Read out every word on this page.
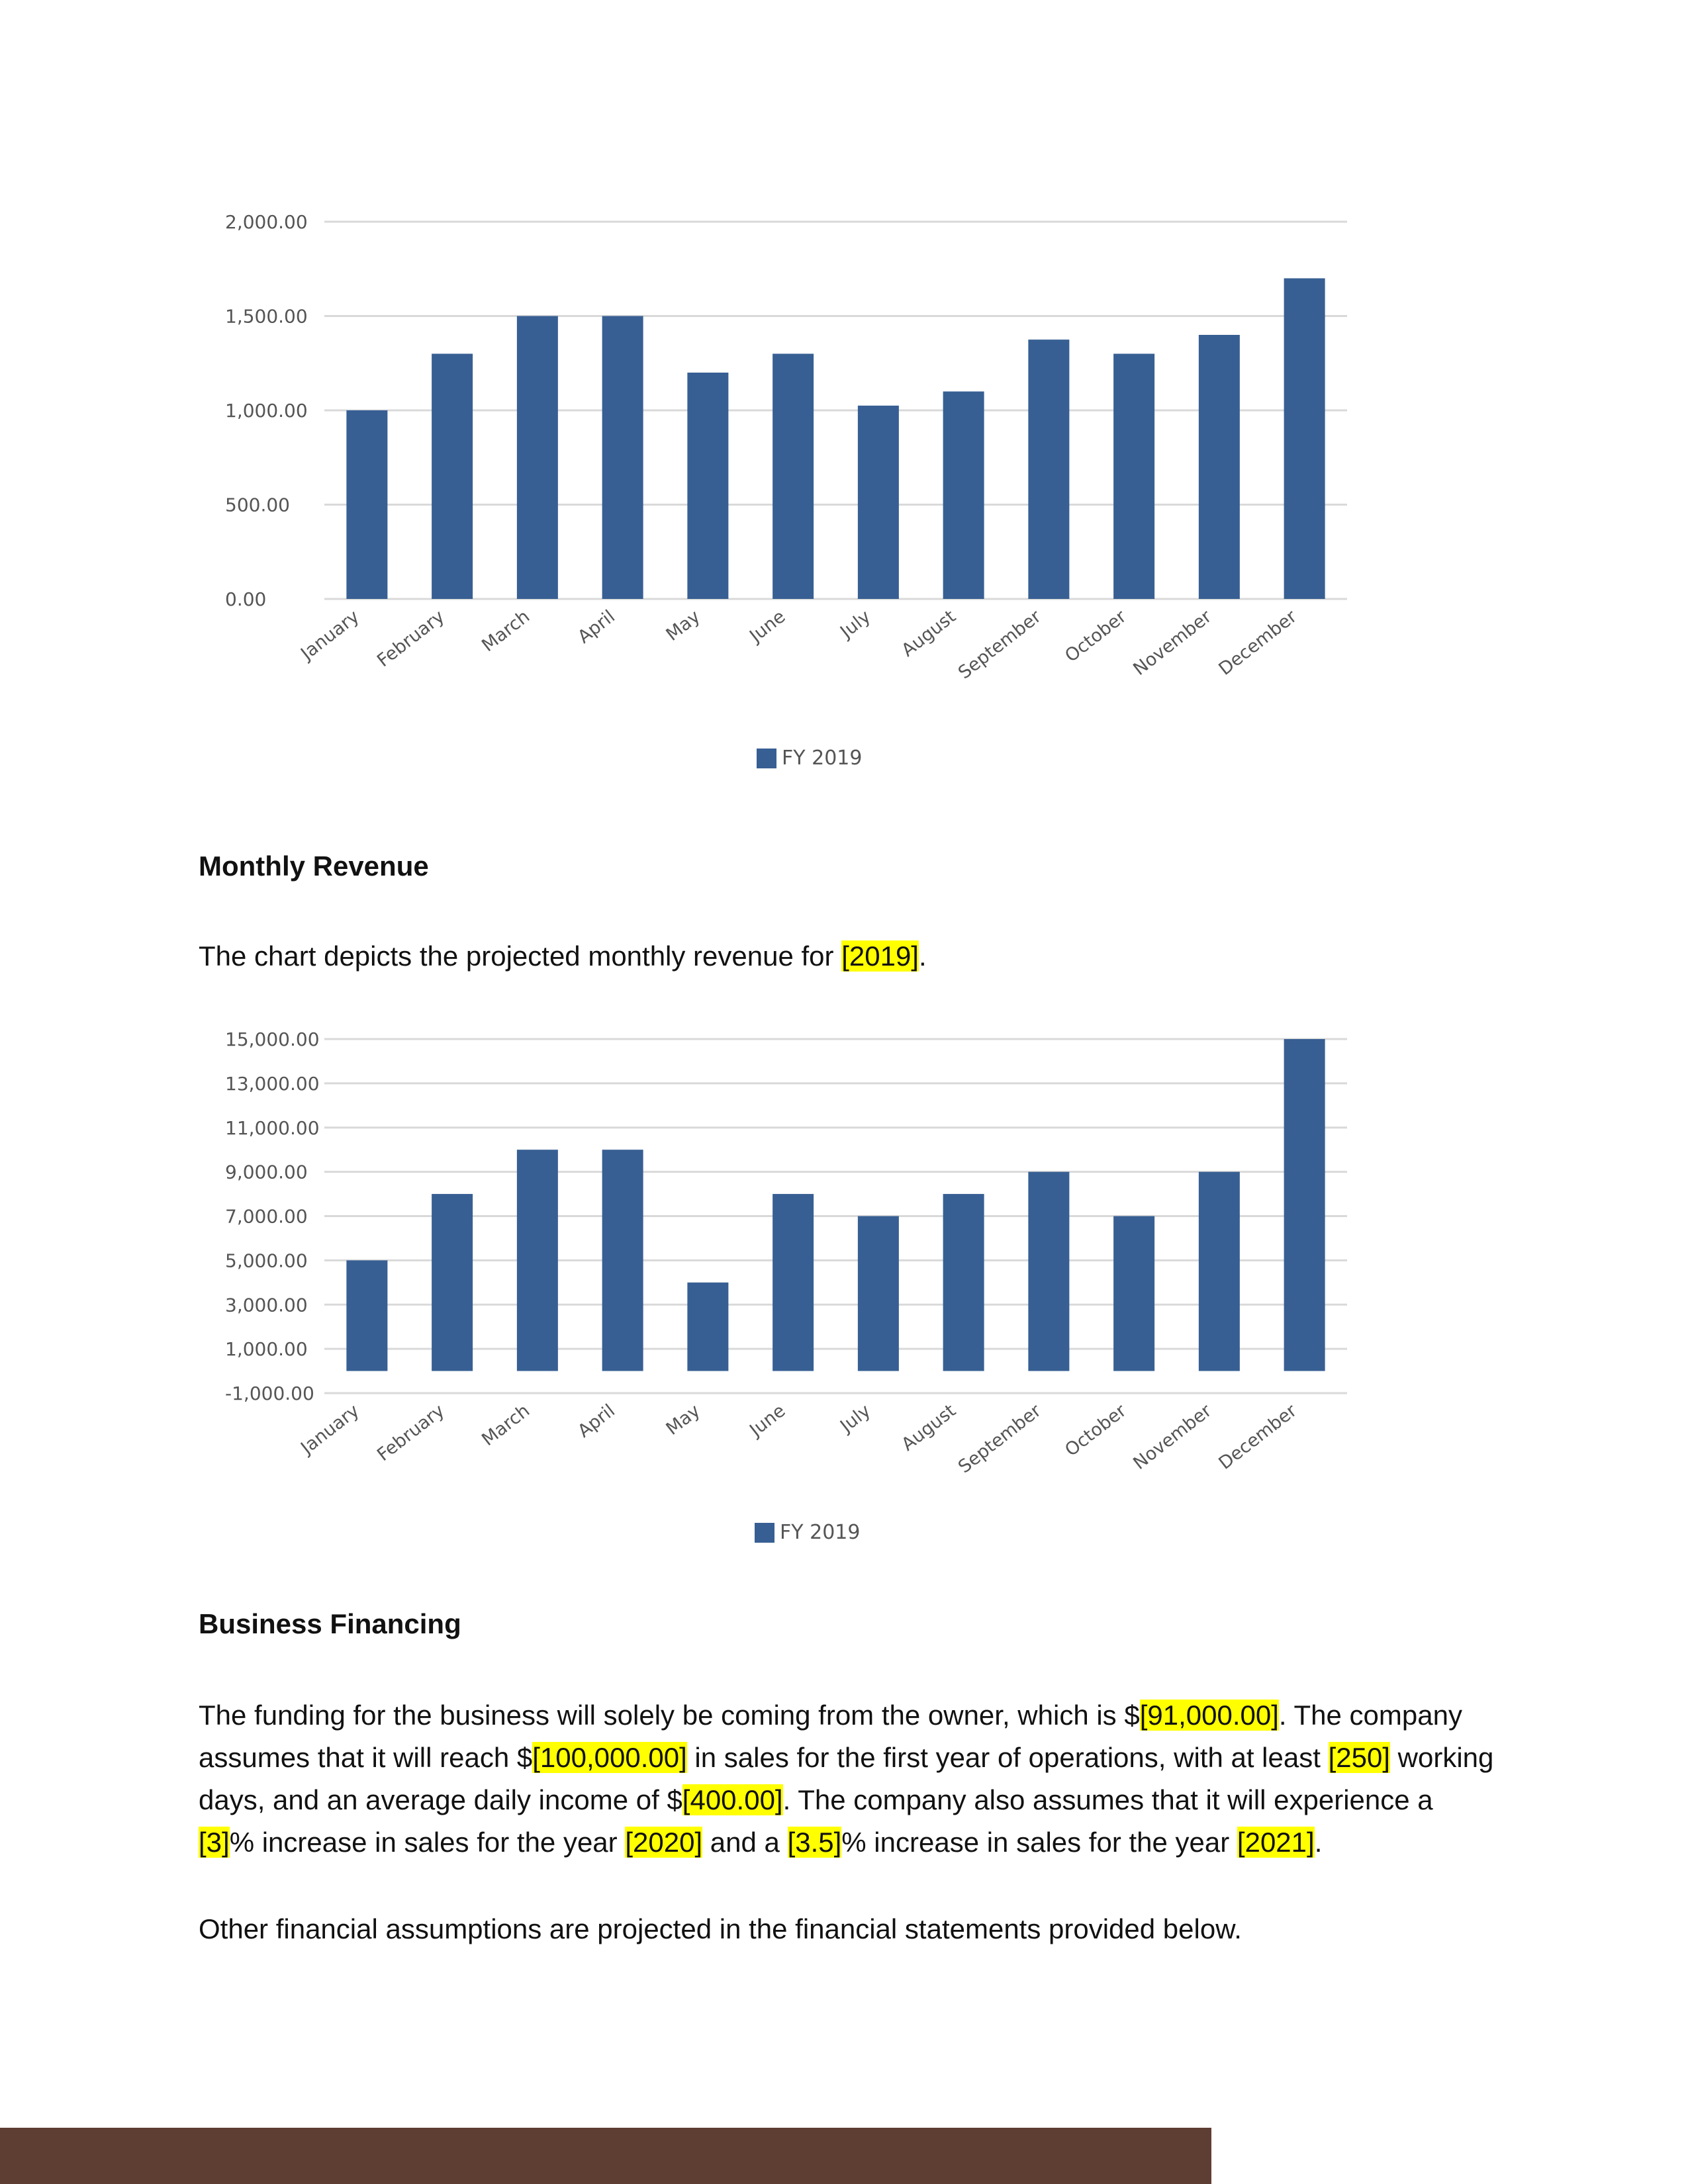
2,000.00
1,500.00
1,000.00
500.00
0.00
January February March April May June	July August
September October
November December
FY 2019
Monthly Revenue
The chart depicts the projected monthly revenue for [2019].
15,000.00
13,000.00
11,000.00
9,000.00
7,000.00
5,000.00
3,000.00
1,000.00
-1,000.00
January February March April May June	July August
September October
November December
FY 2019
Business Financing
The funding for the business will solely be coming from the owner, which is $[91,000.00]. The company assumes that it will reach $[100,000.00] in sales for the first year of operations, with at least [250] working days, and an average daily income of $[400.00]. The company also assumes that it will experience a [3]% increase in sales for the year [2020] and a [3.5]% increase in sales for the year [2021].
Other financial assumptions are projected in the financial statements provided below.
